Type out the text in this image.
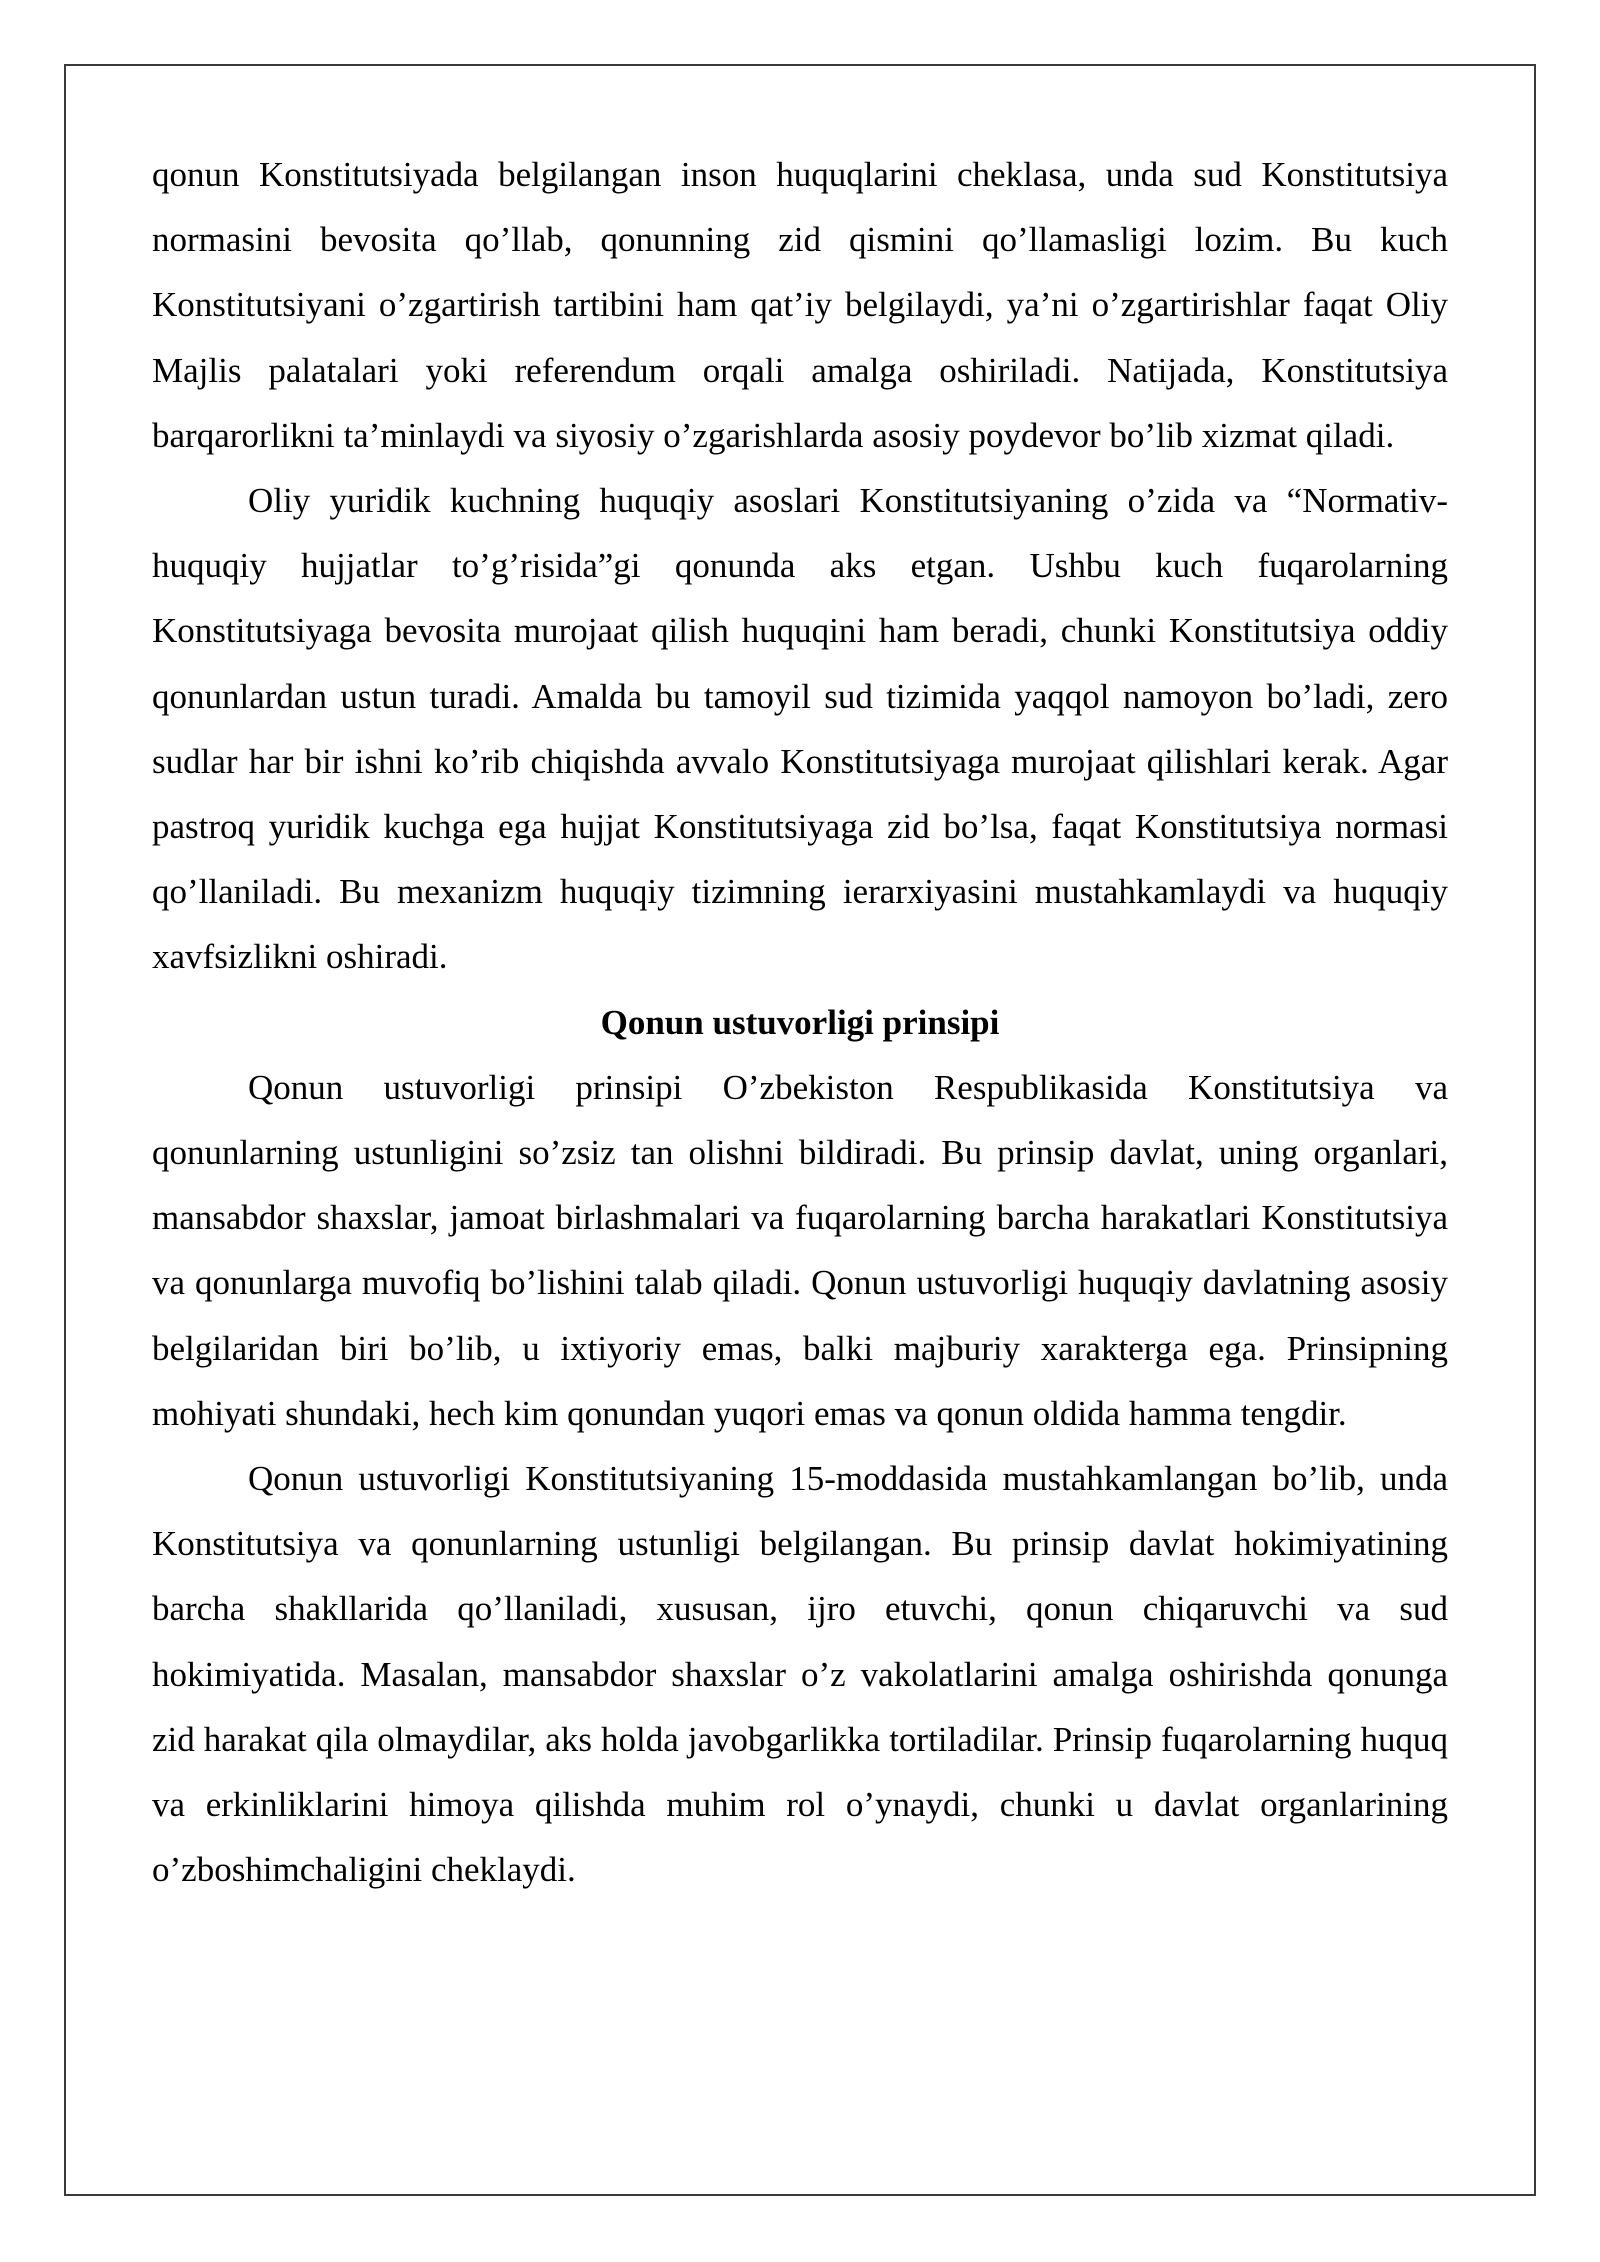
qonun Konstitutsiyada belgilangan inson huquqlarini cheklasa, unda sud Konstitutsiya normasini bevosita qo’llab, qonunning zid qismini qo’llamasligi lozim. Bu kuch Konstitutsiyani o’zgartirish tartibini ham qat’iy belgilaydi, ya’ni o’zgartirishlar faqat Oliy Majlis palatalari yoki referendum orqali amalga oshiriladi. Natijada, Konstitutsiya barqarorlikni ta’minlaydi va siyosiy o’zgarishlarda asosiy poydevor bo’lib xizmat qiladi.

Oliy yuridik kuchning huquqiy asoslari Konstitutsiyaning o’zida va “Normativ-huquqiy hujjatlar to’g’risida”gi qonunda aks etgan. Ushbu kuch fuqarolarning Konstitutsiyaga bevosita murojaat qilish huquqini ham beradi, chunki Konstitutsiya oddiy qonunlardan ustun turadi. Amalda bu tamoyil sud tizimida yaqqol namoyon bo’ladi, zero sudlar har bir ishni ko’rib chiqishda avvalo Konstitutsiyaga murojaat qilishlari kerak. Agar pastroq yuridik kuchga ega hujjat Konstitutsiyaga zid bo’lsa, faqat Konstitutsiya normasi qo’llaniladi. Bu mexanizm huquqiy tizimning ierarxiyasini mustahkamlaydi va huquqiy xavfsizlikni oshiradi.

Qonun ustuvorligi prinsipi

Qonun ustuvorligi prinsipi O’zbekiston Respublikasida Konstitutsiya va qonunlarning ustunligini so’zsiz tan olishni bildiradi. Bu prinsip davlat, uning organlari, mansabdor shaxslar, jamoat birlashmalari va fuqarolarning barcha harakatlari Konstitutsiya va qonunlarga muvofiq bo’lishini talab qiladi. Qonun ustuvorligi huquqiy davlatning asosiy belgilaridan biri bo’lib, u ixtiyoriy emas, balki majburiy xarakterga ega. Prinsipning mohiyati shundaki, hech kim qonundan yuqori emas va qonun oldida hamma tengdir.

Qonun ustuvorligi Konstitutsiyaning 15-moddasida mustahkamlangan bo’lib, unda Konstitutsiya va qonunlarning ustunligi belgilangan. Bu prinsip davlat hokimiyatining barcha shakllarida qo’llaniladi, xususan, ijro etuvchi, qonun chiqaruvchi va sud hokimiyatida. Masalan, mansabdor shaxslar o’z vakolatlarini amalga oshirishda qonunga zid harakat qila olmaydilar, aks holda javobgarlikka tortiladilar. Prinsip fuqarolarning huquq va erkinliklarini himoya qilishda muhim rol o’ynaydi, chunki u davlat organlarining o’zboshimchaligini cheklaydi.
